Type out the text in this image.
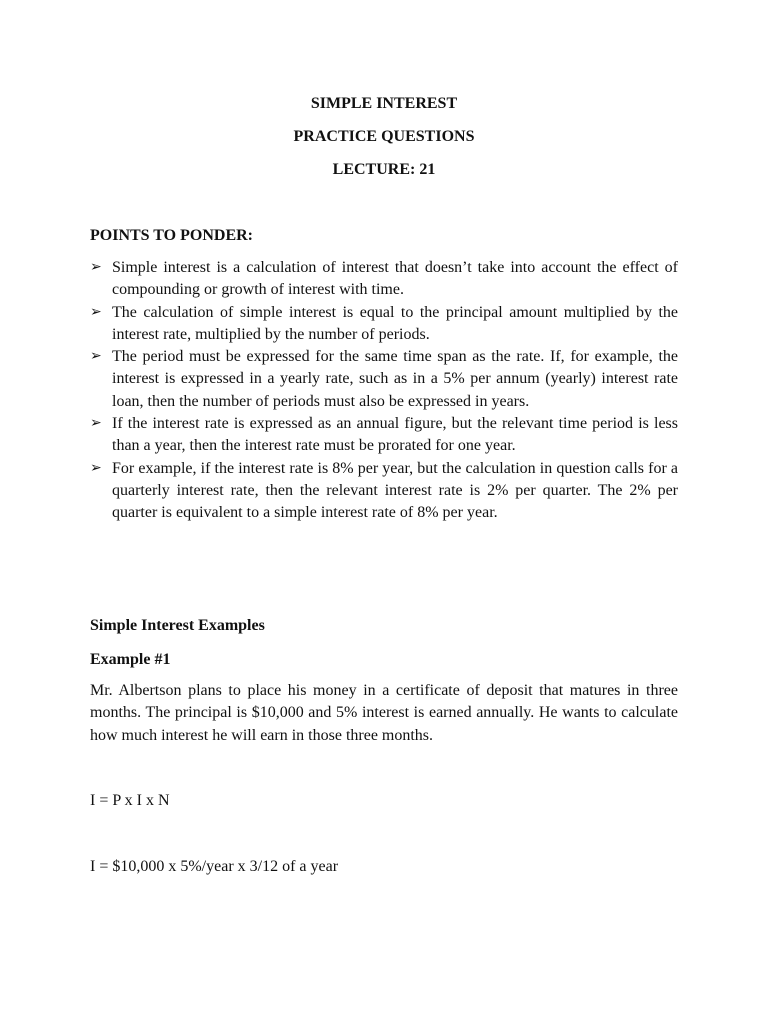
SIMPLE INTEREST
PRACTICE QUESTIONS
LECTURE: 21
POINTS TO PONDER:
➢ Simple interest is a calculation of interest that doesn’t take into account the effect of compounding or growth of interest with time.
➢ The calculation of simple interest is equal to the principal amount multiplied by the interest rate, multiplied by the number of periods.
➢ The period must be expressed for the same time span as the rate. If, for example, the interest is expressed in a yearly rate, such as in a 5% per annum (yearly) interest rate loan, then the number of periods must also be expressed in years.
➢ If the interest rate is expressed as an annual figure, but the relevant time period is less than a year, then the interest rate must be prorated for one year.
➢ For example, if the interest rate is 8% per year, but the calculation in question calls for a quarterly interest rate, then the relevant interest rate is 2% per quarter. The 2% per quarter is equivalent to a simple interest rate of 8% per year.
Simple Interest Examples
Example #1
Mr. Albertson plans to place his money in a certificate of deposit that matures in three months. The principal is $10,000 and 5% interest is earned annually. He wants to calculate how much interest he will earn in those three months.
I = P x I x N
I = $10,000 x 5%/year x 3/12 of a year
